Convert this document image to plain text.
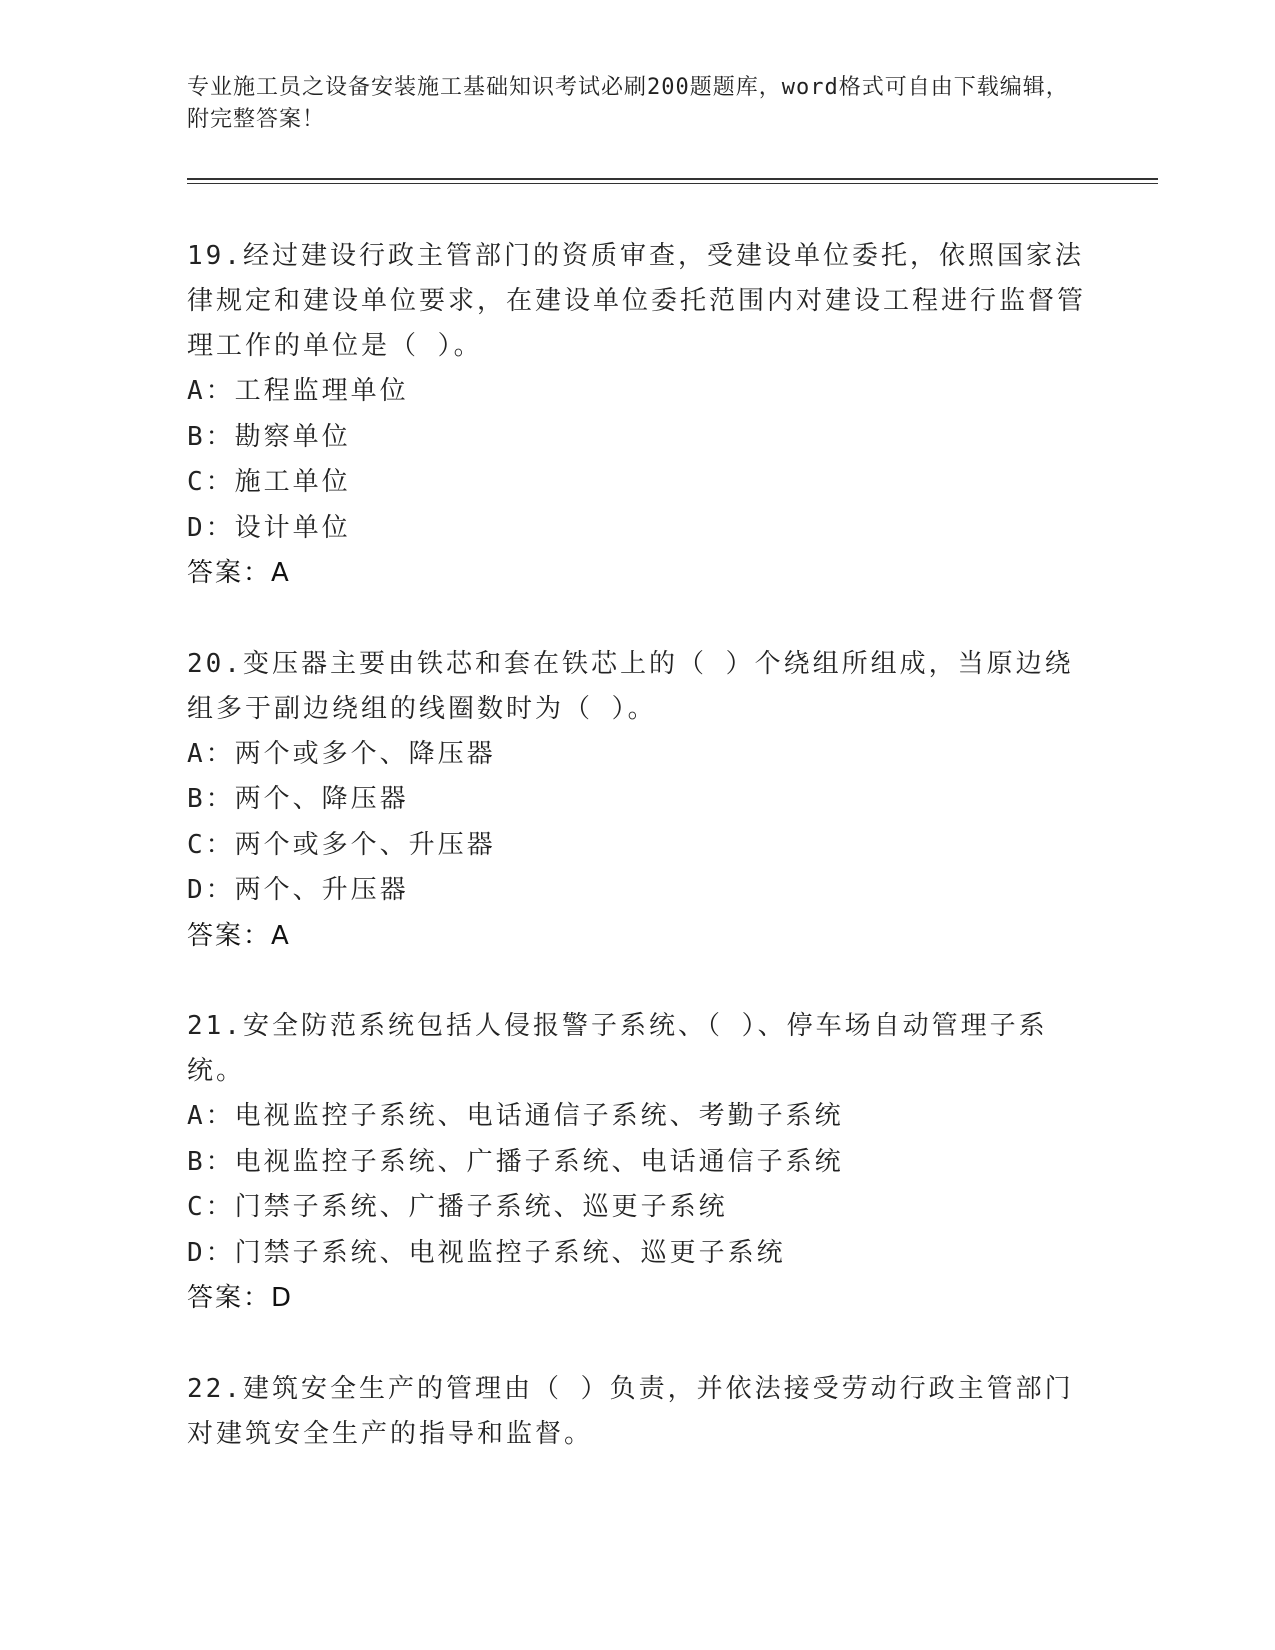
专业施工员之设备安装施工基础知识考试必刷200题题库，word格式可自由下载编辑，附完整答案！
19.经过建设行政主管部门的资质审查，受建设单位委托，依照国家法律规定和建设单位要求，在建设单位委托范围内对建设工程进行监督管理工作的单位是（ ）。
A：工程监理单位
B：勘察单位
C：施工单位
D：设计单位
答案：A
20.变压器主要由铁芯和套在铁芯上的（ ）个绕组所组成，当原边绕组多于副边绕组的线圈数时为（ ）。
A：两个或多个、降压器
B：两个、降压器
C：两个或多个、升压器
D：两个、升压器
答案：A
21.安全防范系统包括人侵报警子系统、（ ）、停车场自动管理子系统。
A：电视监控子系统、电话通信子系统、考勤子系统
B：电视监控子系统、广播子系统、电话通信子系统
C：门禁子系统、广播子系统、巡更子系统
D：门禁子系统、电视监控子系统、巡更子系统
答案：D
22.建筑安全生产的管理由（ ）负责，并依法接受劳动行政主管部门对建筑安全生产的指导和监督。
